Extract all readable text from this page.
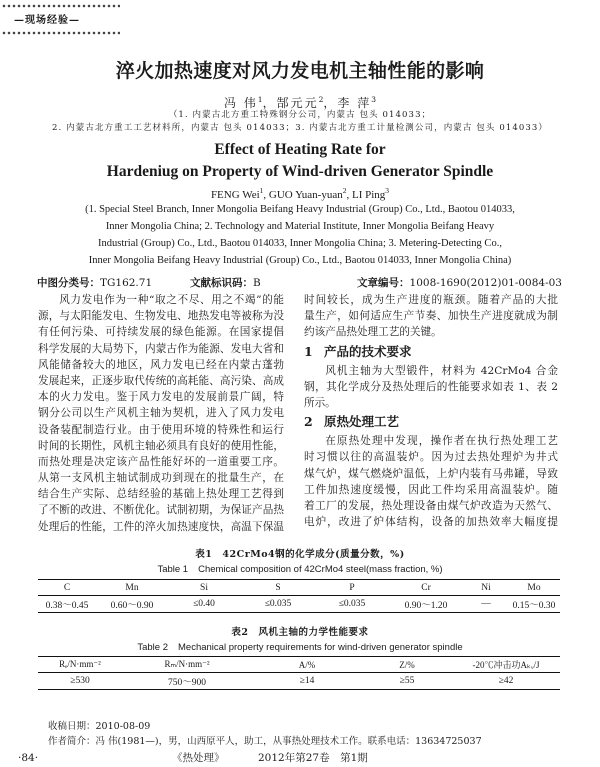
—现场经验—
淬火加热速度对风力发电机主轴性能的影响
冯 伟$^1$，郜元元$^2$，李 萍$^3$
（1. 内蒙古北方重工特殊钢分公司，内蒙古 包头 014033；
2. 内蒙古北方重工工艺材料所，内蒙古 包头 014033；3. 内蒙古北方重工计量检测公司，内蒙古 包头 014033）
Effect of Heating Rate for
Hardeniug on Property of Wind-driven Generator Spindle
FENG Wei$^1$, GUO Yuan-yuan$^2$, LI Ping$^3$
(1. Special Steel Branch, Inner Mongolia Beifang Heavy Industrial (Group) Co., Ltd., Baotou 014033,
Inner Mongolia China; 2. Technology and Material Institute, Inner Mongolia Beifang Heavy
Industrial (Group) Co., Ltd., Baotou 014033, Inner Mongolia China; 3. Metering-Detecting Co.,
Inner Mongolia Beifang Heavy Industrial (Group) Co., Ltd., Baotou 014033, Inner Mongolia China)
中图分类号：TG162.71	文献标识码：B	文章编号：1008-1690(2012)01-0084-03
风力发电作为一种“取之不尽、用之不竭”的能
源，与太阳能发电、生物发电、地热发电等被称为没
有任何污染、可持续发展的绿色能源。在国家提倡
科学发展的大局势下，内蒙古作为能源、发电大省和
风能储备较大的地区，风力发电已经在内蒙古蓬勃
发展起来，正逐步取代传统的高耗能、高污染、高成
本的火力发电。鉴于风力发电的发展前景广阔，特
钢分公司以生产风机主轴为契机，进入了风力发电
设备装配制造行业。由于使用环境的特殊性和运行
时间的长期性，风机主轴必须具有良好的使用性能，
而热处理是决定该产品性能好坏的一道重要工序。
从第一支风机主轴试制成功到现在的批量生产，在
结合生产实际、总结经验的基础上热处理工艺得到
了不断的改进、不断优化。试制初期，为保证产品热
处理后的性能，工件的淬火加热速度快，高温下保温
时间较长，成为生产进度的瓶颈。随着产品的大批
量生产，如何适应生产节奏、加快生产进度就成为制
约该产品热处理工艺的关键。
1 产品的技术要求
风机主轴为大型锻件，材料为 42CrMo4 合金
钢，其化学成分及热处理后的性能要求如表 1、表 2
所示。
2 原热处理工艺
在原热处理中发现，操作者在执行热处理工艺
时习惯以往的高温装炉。因为过去热处理炉为井式
煤气炉，煤气燃烧炉温低，上炉内装有马弗罐，导致
工件加热速度缓慢，因此工件均采用高温装炉。随
着工厂的发展，热处理设备由煤气炉改造为天然气、
电炉，改进了炉体结构，设备的加热效率大幅度提
表1 42CrMo4钢的化学成分(质量分数，%)
Table 1 Chemical composition of 42CrMo4 steel(mass fraction, %)
C	Mn	Si	S	P	Cr	Ni	Mo
0.38～0.45	0.60～0.90	≤0.40	≤0.035	≤0.035	0.90～1.20	—	0.15～0.30
表2 风机主轴的力学性能要求
Table 2 Mechanical property requirements for wind-driven generator spindle
Rₑ/N·mm⁻²	Rₘ/N·mm⁻²	A/%	Z/%	-20℃冲击功Aₖᵥ/J
≥530	750～900	≥14	≥55	≥42
收稿日期：2010-08-09
作者简介：冯 伟(1981—)，男，山西原平人，助工，从事热处理技术工作。联系电话：13634725037
·84·	《热处理》	2012年第27卷　第1期
